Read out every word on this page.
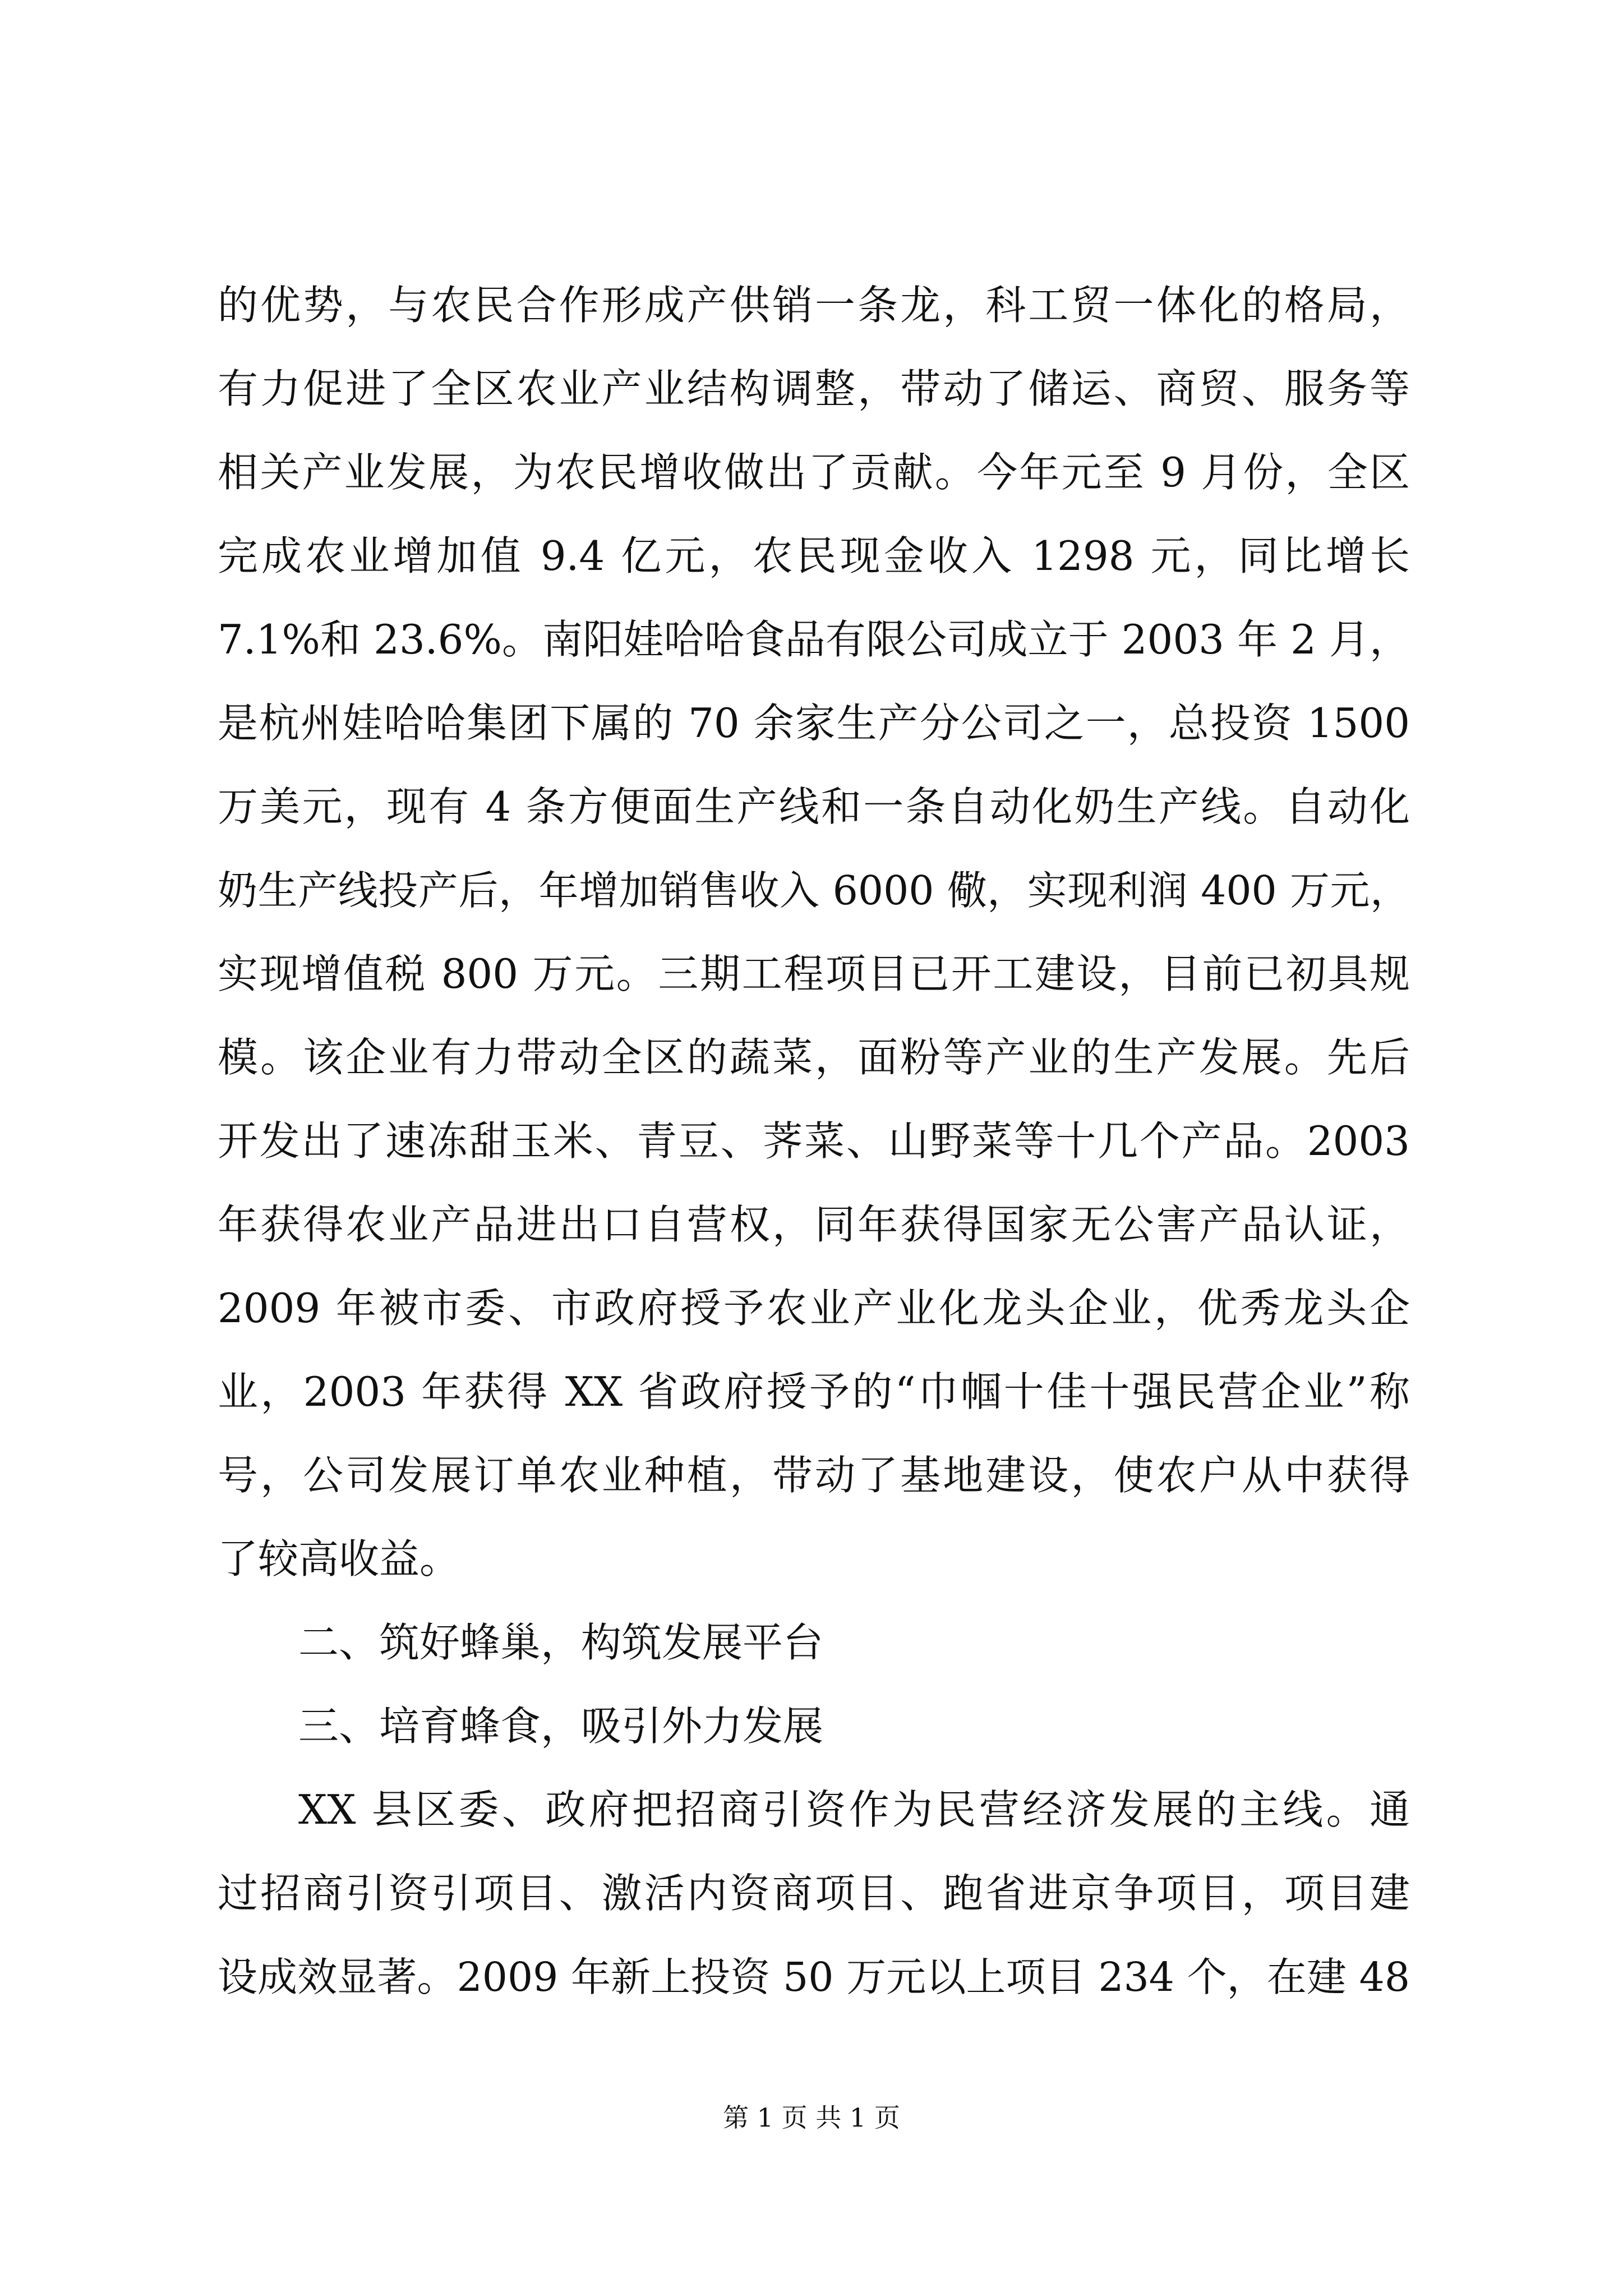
的优势，与农民合作形成产供销一条龙，科工贸一体化的格局，
有力促进了全区农业产业结构调整，带动了储运、商贸、服务等
相关产业发展，为农民增收做出了贡献。今年元至 9 月份，全区
完成农业增加值 9.4 亿元，农民现金收入 1298 元，同比增长
7.1%和 23.6%。南阳娃哈哈食品有限公司成立于 2003 年 2 月，
是杭州娃哈哈集团下属的 70 余家生产分公司之一，总投资 1500
万美元，现有 4 条方便面生产线和一条自动化奶生产线。自动化
奶生产线投产后，年增加销售收入 6000 儆，实现利润 400 万元，
实现增值税 800 万元。三期工程项目已开工建设，目前已初具规
模。该企业有力带动全区的蔬菜，面粉等产业的生产发展。先后
开发出了速冻甜玉米、青豆、荠菜、山野菜等十几个产品。2003
年获得农业产品进出口自营权，同年获得国家无公害产品认证，
2009 年被市委、市政府授予农业产业化龙头企业，优秀龙头企
业，2003 年获得 XX 省政府授予的“巾帼十佳十强民营企业”称
号，公司发展订单农业种植，带动了基地建设，使农户从中获得
了较高收益。
二、筑好蜂巢，构筑发展平台
三、培育蜂食，吸引外力发展
XX 县区委、政府把招商引资作为民营经济发展的主线。通
过招商引资引项目、激活内资商项目、跑省进京争项目，项目建
设成效显著。2009 年新上投资 50 万元以上项目 234 个，在建 48
第 1 页 共 1 页
